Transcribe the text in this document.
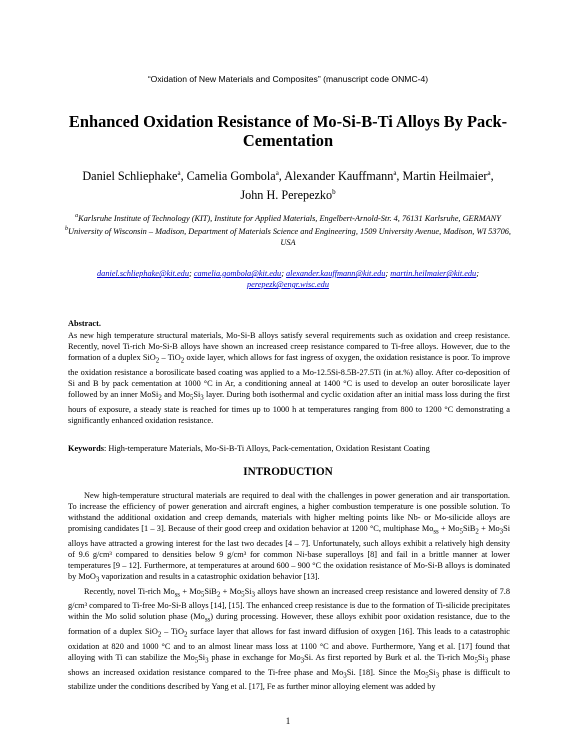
“Oxidation of New Materials and Composites” (manuscript code ONMC-4)
Enhanced Oxidation Resistance of Mo-Si-B-Ti Alloys By Pack-Cementation
Daniel Schliephake$^a$, Camelia Gombola$^a$, Alexander Kauffmann$^a$, Martin Heilmaier$^a$, John H. Perepezko$^b$
$^a$Karlsruhe Institute of Technology (KIT), Institute for Applied Materials, Engelbert-Arnold-Str. 4, 76131 Karlsruhe, GERMANY
$^b$University of Wisconsin – Madison, Department of Materials Science and Engineering, 1509 University Avenue, Madison, WI 53706, USA
daniel.schliephake@kit.edu; camelia.gombola@kit.edu; alexander.kauffmann@kit.edu; martin.heilmaier@kit.edu; perepezk@engr.wisc.edu
Abstract.
As new high temperature structural materials, Mo-Si-B alloys satisfy several requirements such as oxidation and creep resistance. Recently, novel Ti-rich Mo-Si-B alloys have shown an increased creep resistance compared to Ti-free alloys. However, due to the formation of a duplex SiO$_2$ – TiO$_2$ oxide layer, which allows for fast ingress of oxygen, the oxidation resistance is poor. To improve the oxidation resistance a borosilicate based coating was applied to a Mo-12.5Si-8.5B-27.5Ti (in at.%) alloy. After co-deposition of Si and B by pack cementation at 1000 °C in Ar, a conditioning anneal at 1400 °C is used to develop an outer borosilicate layer followed by an inner MoSi$_2$ and $Mo_5Si_3$ layer. During both isothermal and cyclic oxidation after an initial mass loss during the first hours of exposure, a steady state is reached for times up to 1000 h at temperatures ranging from 800 to 1200 °C demonstrating a significantly enhanced oxidation resistance.
Keywords: High-temperature Materials, Mo-Si-B-Ti Alloys, Pack-cementation, Oxidation Resistant Coating
INTRODUCTION

New high-temperature structural materials are required to deal with the challenges in power generation and air transportation. To increase the efficiency of power generation and aircraft engines, a higher combustion temperature is one possible solution. To withstand the additional oxidation and creep demands, materials with higher melting points like Nb- or Mo-silicide alloys are promising candidates [1 – 3]. Because of their good creep and oxidation behavior at 1200 °C, multiphase $Mo_{ss} + Mo_5SiB_2 + Mo_3Si$ alloys have attracted a growing interest for the last two decades [4 – 7]. Unfortunately, such alloys exhibit a relatively high density of 9.6 g/cm³ compared to densities below 9 g/cm³ for common Ni-base superalloys [8] and fail in a brittle manner at lower temperatures [9 – 12]. Furthermore, at temperatures at around 600 – 900 °C the oxidation resistance of Mo-Si-B alloys is dominated by MoO$_3$ vaporization and results in a catastrophic oxidation behavior [13].

Recently, novel Ti-rich $Mo_{ss} + Mo_5SiB_2 + Mo_5Si_3$ alloys have shown an increased creep resistance and lowered density of 7.8 g/cm³ compared to Ti-free Mo-Si-B alloys [14], [15]. The enhanced creep resistance is due to the formation of Ti-silicide precipitates within the Mo solid solution phase $(Mo_{ss})$ during processing. However, these alloys exhibit poor oxidation resistance, due to the formation of a duplex SiO$_2$ – TiO$_2$ surface layer that allows for fast inward diffusion of oxygen [16]. This leads to a catastrophic oxidation at 820 and 1000 °C and to an almost linear mass loss at 1100 °C and above. Furthermore, Yang et al. [17] found that alloying with Ti can stabilize the $Mo_5Si_3$ phase in exchange for $Mo_3Si$. As first reported by Burk et al. the Ti-rich $Mo_5Si_3$ phase shows an increased oxidation resistance compared to the Ti-free phase and $Mo_3Si$. [18]. Since the $Mo_5Si_3$ phase is difficult to stabilize under the conditions described by Yang et al. [17], Fe as further minor alloying element was added by

1
